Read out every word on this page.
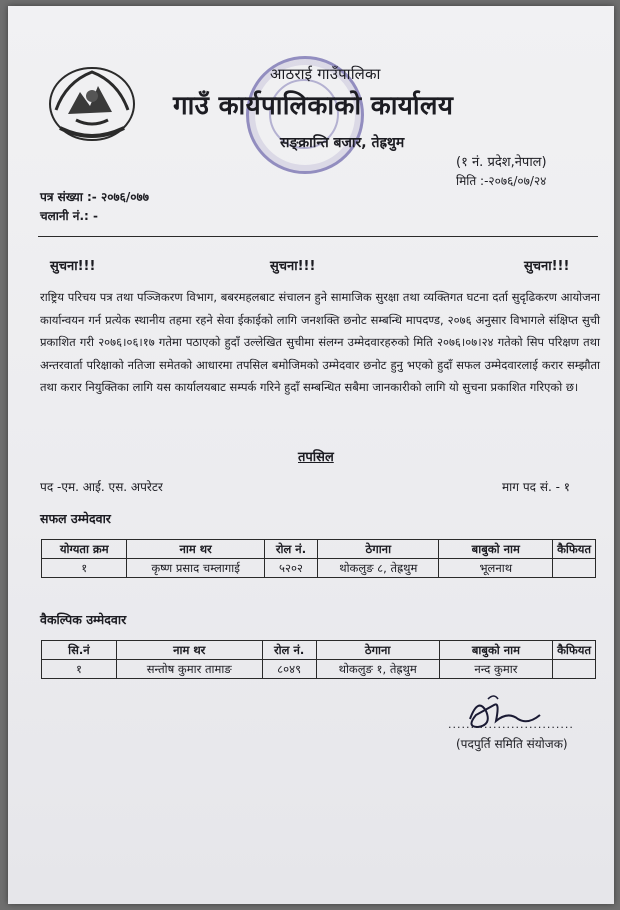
आठराई गाउँपालिका
गाउँ कार्यपालिकाको कार्यालय
सङ्क्रान्ति बजार, तेह्रथुम
(१ नं. प्रदेश,नेपाल)
मिति :-२०७६/०७/२४
पत्र संख्या :- २०७६/०७७
चलानी नं.: -
सुचना!!!	सुचना!!!	सुचना!!!
राष्ट्रिय परिचय पत्र तथा पञ्जिकरण विभाग, बबरमहलबाट संचालन हुने सामाजिक सुरक्षा तथा व्यक्तिगत घटना दर्ता सुदृढिकरण आयोजना कार्यान्वयन गर्न प्रत्येक स्थानीय तहमा रहने सेवा ईकाईको लागि जनशक्ति छनोट सम्बन्धि मापदण्ड, २०७६ अनुसार विभागले संक्षिप्त सुची प्रकाशित गरी २०७६।०६।१७ गतेमा पठाएको हुदाँ उल्लेखित सुचीमा संलग्न उम्मेदवारहरुको मिति २०७६।०७।२४ गतेको सिप परिक्षण तथा अन्तरवार्ता परिक्षाको नतिजा समेतको आधारमा तपसिल बमोजिमको उम्मेदवार छनोट हुनु भएको हुदाँ सफल उम्मेदवारलाई करार सम्झौता तथा करार नियुक्तिका लागि यस कार्यालयबाट सम्पर्क गरिने हुदाँ सम्बन्धित सबैमा जानकारीको लागि यो सुचना प्रकाशित गरिएको छ।
तपसिल
पद -एम. आई. एस. अपरेटर	माग पद सं. - १
सफल उम्मेदवार
योग्यता क्रम	नाम थर	रोल नं.	ठेगाना	बाबुको नाम	कैफियत
१	कृष्ण प्रसाद चम्लागाई	५२०२	थोकलुङ ८, तेह्रथुम	भूलनाथ	
वैकल्पिक उम्मेदवार
सि.नं	नाम थर	रोल नं.	ठेगाना	बाबुको नाम	कैफियत
१	सन्तोष कुमार तामाङ	८०४९	थोकलुङ १, तेह्रथुम	नन्द कुमार	
............................
(पदपुर्ति समिति संयोजक)
